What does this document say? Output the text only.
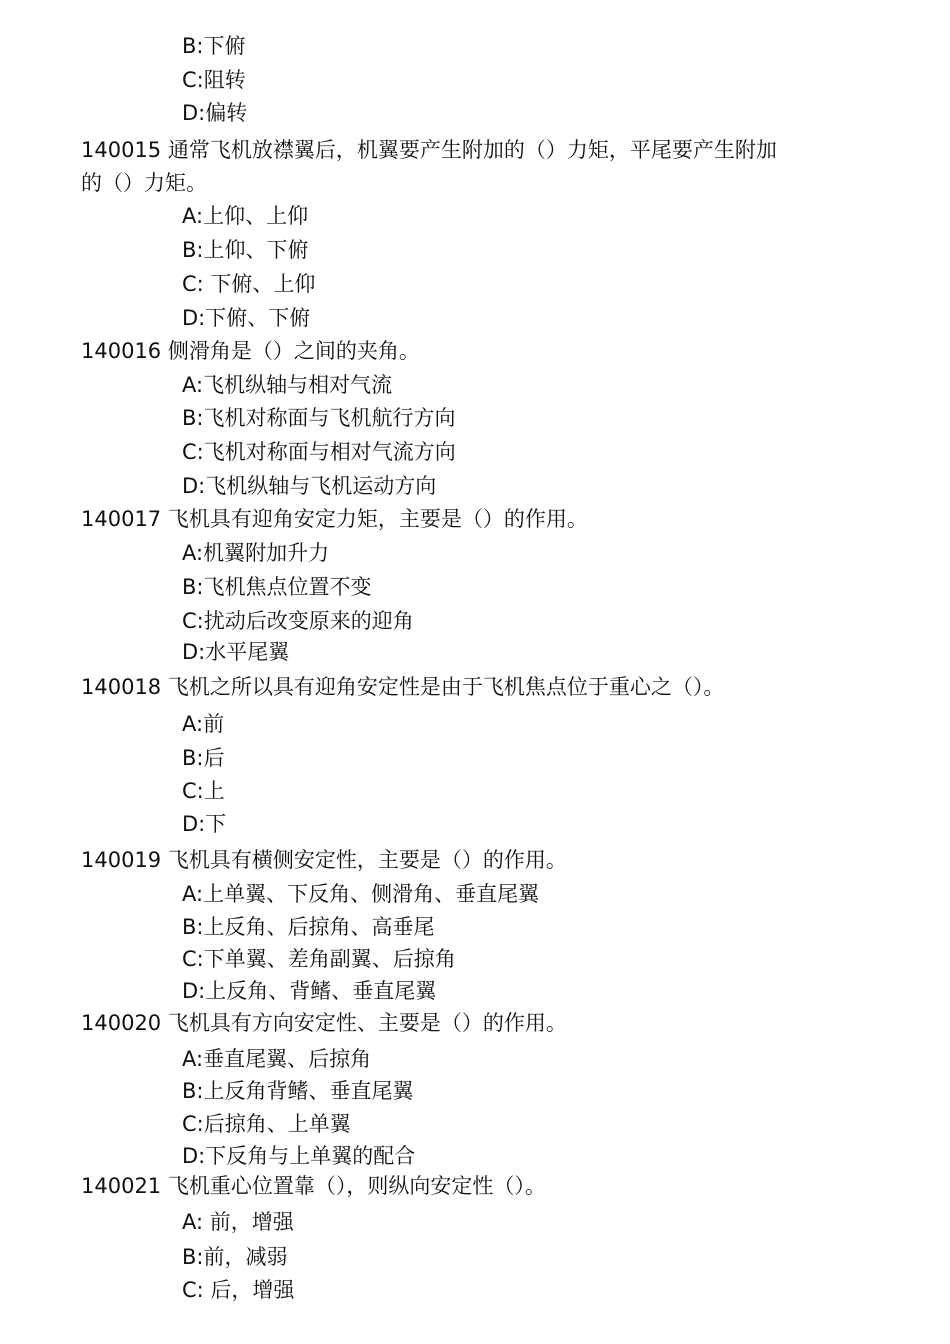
B:下俯
C:阻转
D:偏转
140015 通常飞机放襟翼后，机翼要产生附加的（）力矩，平尾要产生附加
的（）力矩。
A:上仰、上仰
B:上仰、下俯
C: 下俯、上仰
D:下俯、下俯
140016 侧滑角是（）之间的夹角。
A:飞机纵轴与相对气流
B:飞机对称面与飞机航行方向
C:飞机对称面与相对气流方向
D:飞机纵轴与飞机运动方向
140017 飞机具有迎角安定力矩，主要是（）的作用。
A:机翼附加升力
B:飞机焦点位置不变
C:扰动后改变原来的迎角
D:水平尾翼
140018 飞机之所以具有迎角安定性是由于飞机焦点位于重心之（）。
A:前
B:后
C:上
D:下
140019 飞机具有横侧安定性，主要是（）的作用。
A:上单翼、下反角、侧滑角、垂直尾翼
B:上反角、后掠角、高垂尾
C:下单翼、差角副翼、后掠角
D:上反角、背鳍、垂直尾翼
140020 飞机具有方向安定性、主要是（）的作用。
A:垂直尾翼、后掠角
B:上反角背鳍、垂直尾翼
C:后掠角、上单翼
D:下反角与上单翼的配合
140021 飞机重心位置靠（），则纵向安定性（）。
A: 前，增强
B:前，减弱
C: 后，增强
